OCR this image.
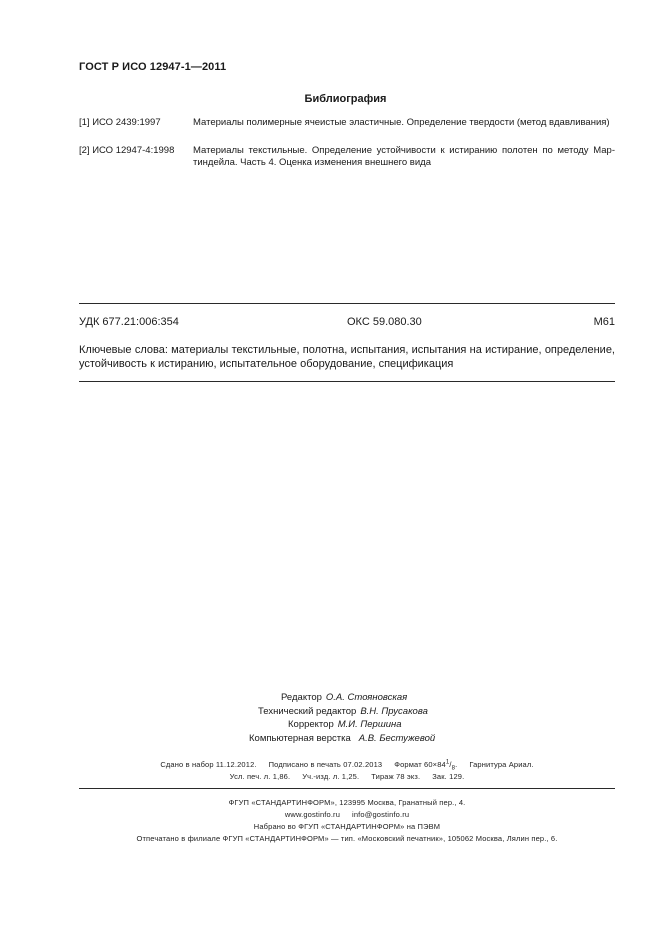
ГОСТ Р ИСО 12947-1—2011
Библиография
[1] ИСО 2439:1997	Материалы полимерные ячеистые эластичные. Определение твердости (метод вдавливания)
[2] ИСО 12947-4:1998	Материалы текстильные. Определение устойчивости к истиранию полотен по методу Мар-тиндейла. Часть 4. Оценка изменения внешнего вида
УДК 677.21:006:354	ОКС 59.080.30	М61
Ключевые слова: материалы текстильные, полотна, испытания, испытания на истирание, определение,
устойчивость к истиранию, испытательное оборудование, спецификация
Редактор О.А. Стояновская
Технический редактор В.Н. Прусакова
Корректор М.И. Першина
Компьютерная верстка А.В. Бестужевой
Сдано в набор 11.12.2012. Подписано в печать 07.02.2013 Формат $60\times 84^1/_8$. Гарнитура Ариал.
Усл. печ. л. 1,86. Уч.-изд. л. 1,25. Тираж 78 экз. Зак. 129.
ФГУП «СТАНДАРТИНФОРМ», 123995 Москва, Гранатный пер., 4.
www.gostinfo.ru info@gostinfo.ru
Набрано во ФГУП «СТАНДАРТИНФОРМ» на ПЭВМ
Отпечатано в филиале ФГУП «СТАНДАРТИНФОРМ» — тип. «Московский печатник», 105062 Москва, Лялин пер., 6.
